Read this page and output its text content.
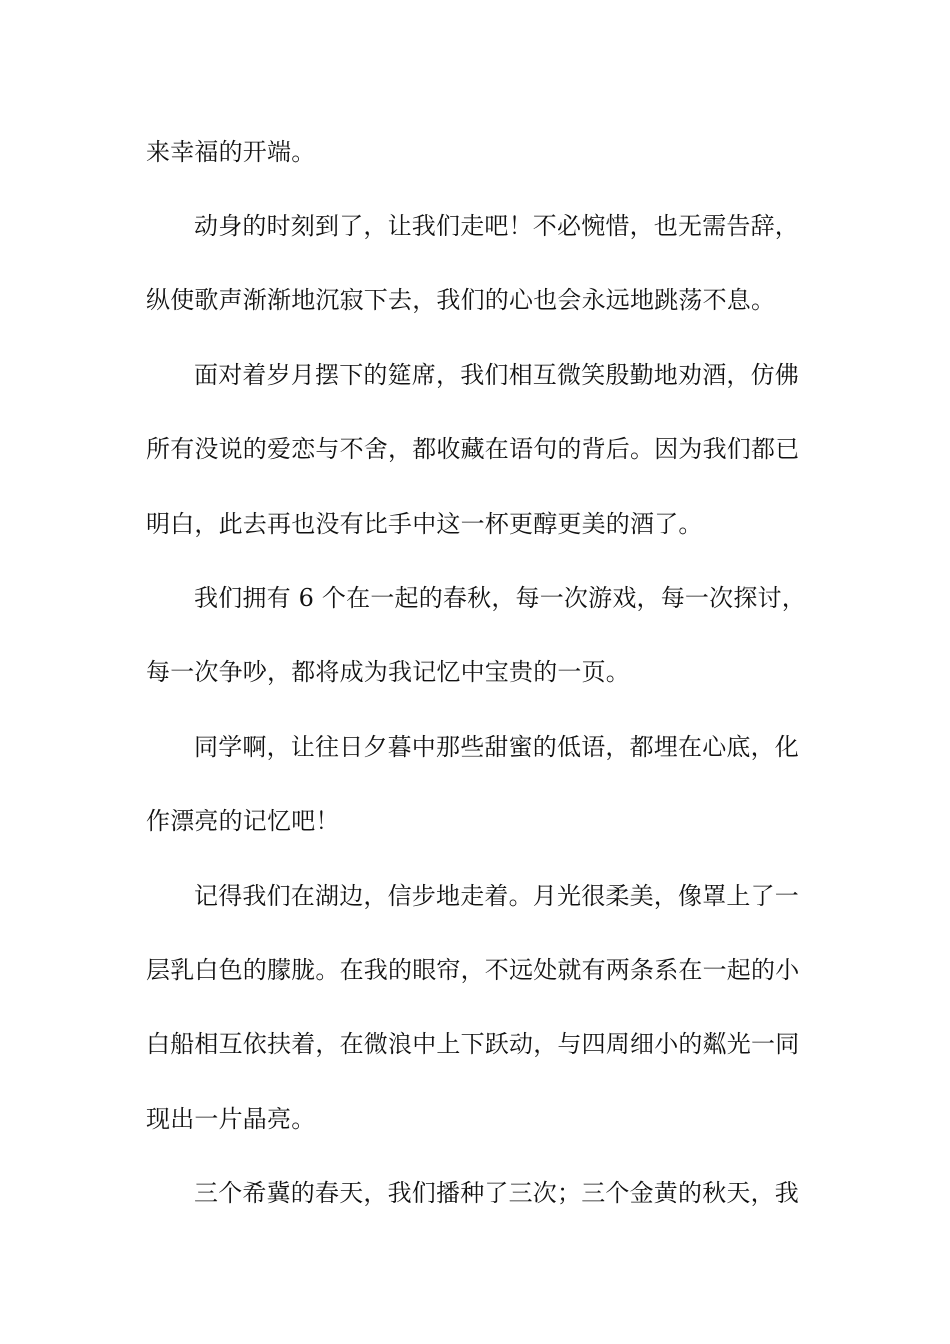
来幸福的开端。
动身的时刻到了，让我们走吧！不必惋惜，也无需告辞，
纵使歌声渐渐地沉寂下去，我们的心也会永远地跳荡不息。
面对着岁月摆下的筵席，我们相互微笑殷勤地劝酒，仿佛
所有没说的爱恋与不舍，都收藏在语句的背后。因为我们都已
明白，此去再也没有比手中这一杯更醇更美的酒了。
我们拥有 6 个在一起的春秋，每一次游戏，每一次探讨，
每一次争吵，都将成为我记忆中宝贵的一页。
同学啊，让往日夕暮中那些甜蜜的低语，都埋在心底，化
作漂亮的记忆吧！
记得我们在湖边，信步地走着。月光很柔美，像罩上了一
层乳白色的朦胧。在我的眼帘，不远处就有两条系在一起的小
白船相互依扶着，在微浪中上下跃动，与四周细小的粼光一同
现出一片晶亮。
三个希冀的春天，我们播种了三次；三个金黄的秋天，我
